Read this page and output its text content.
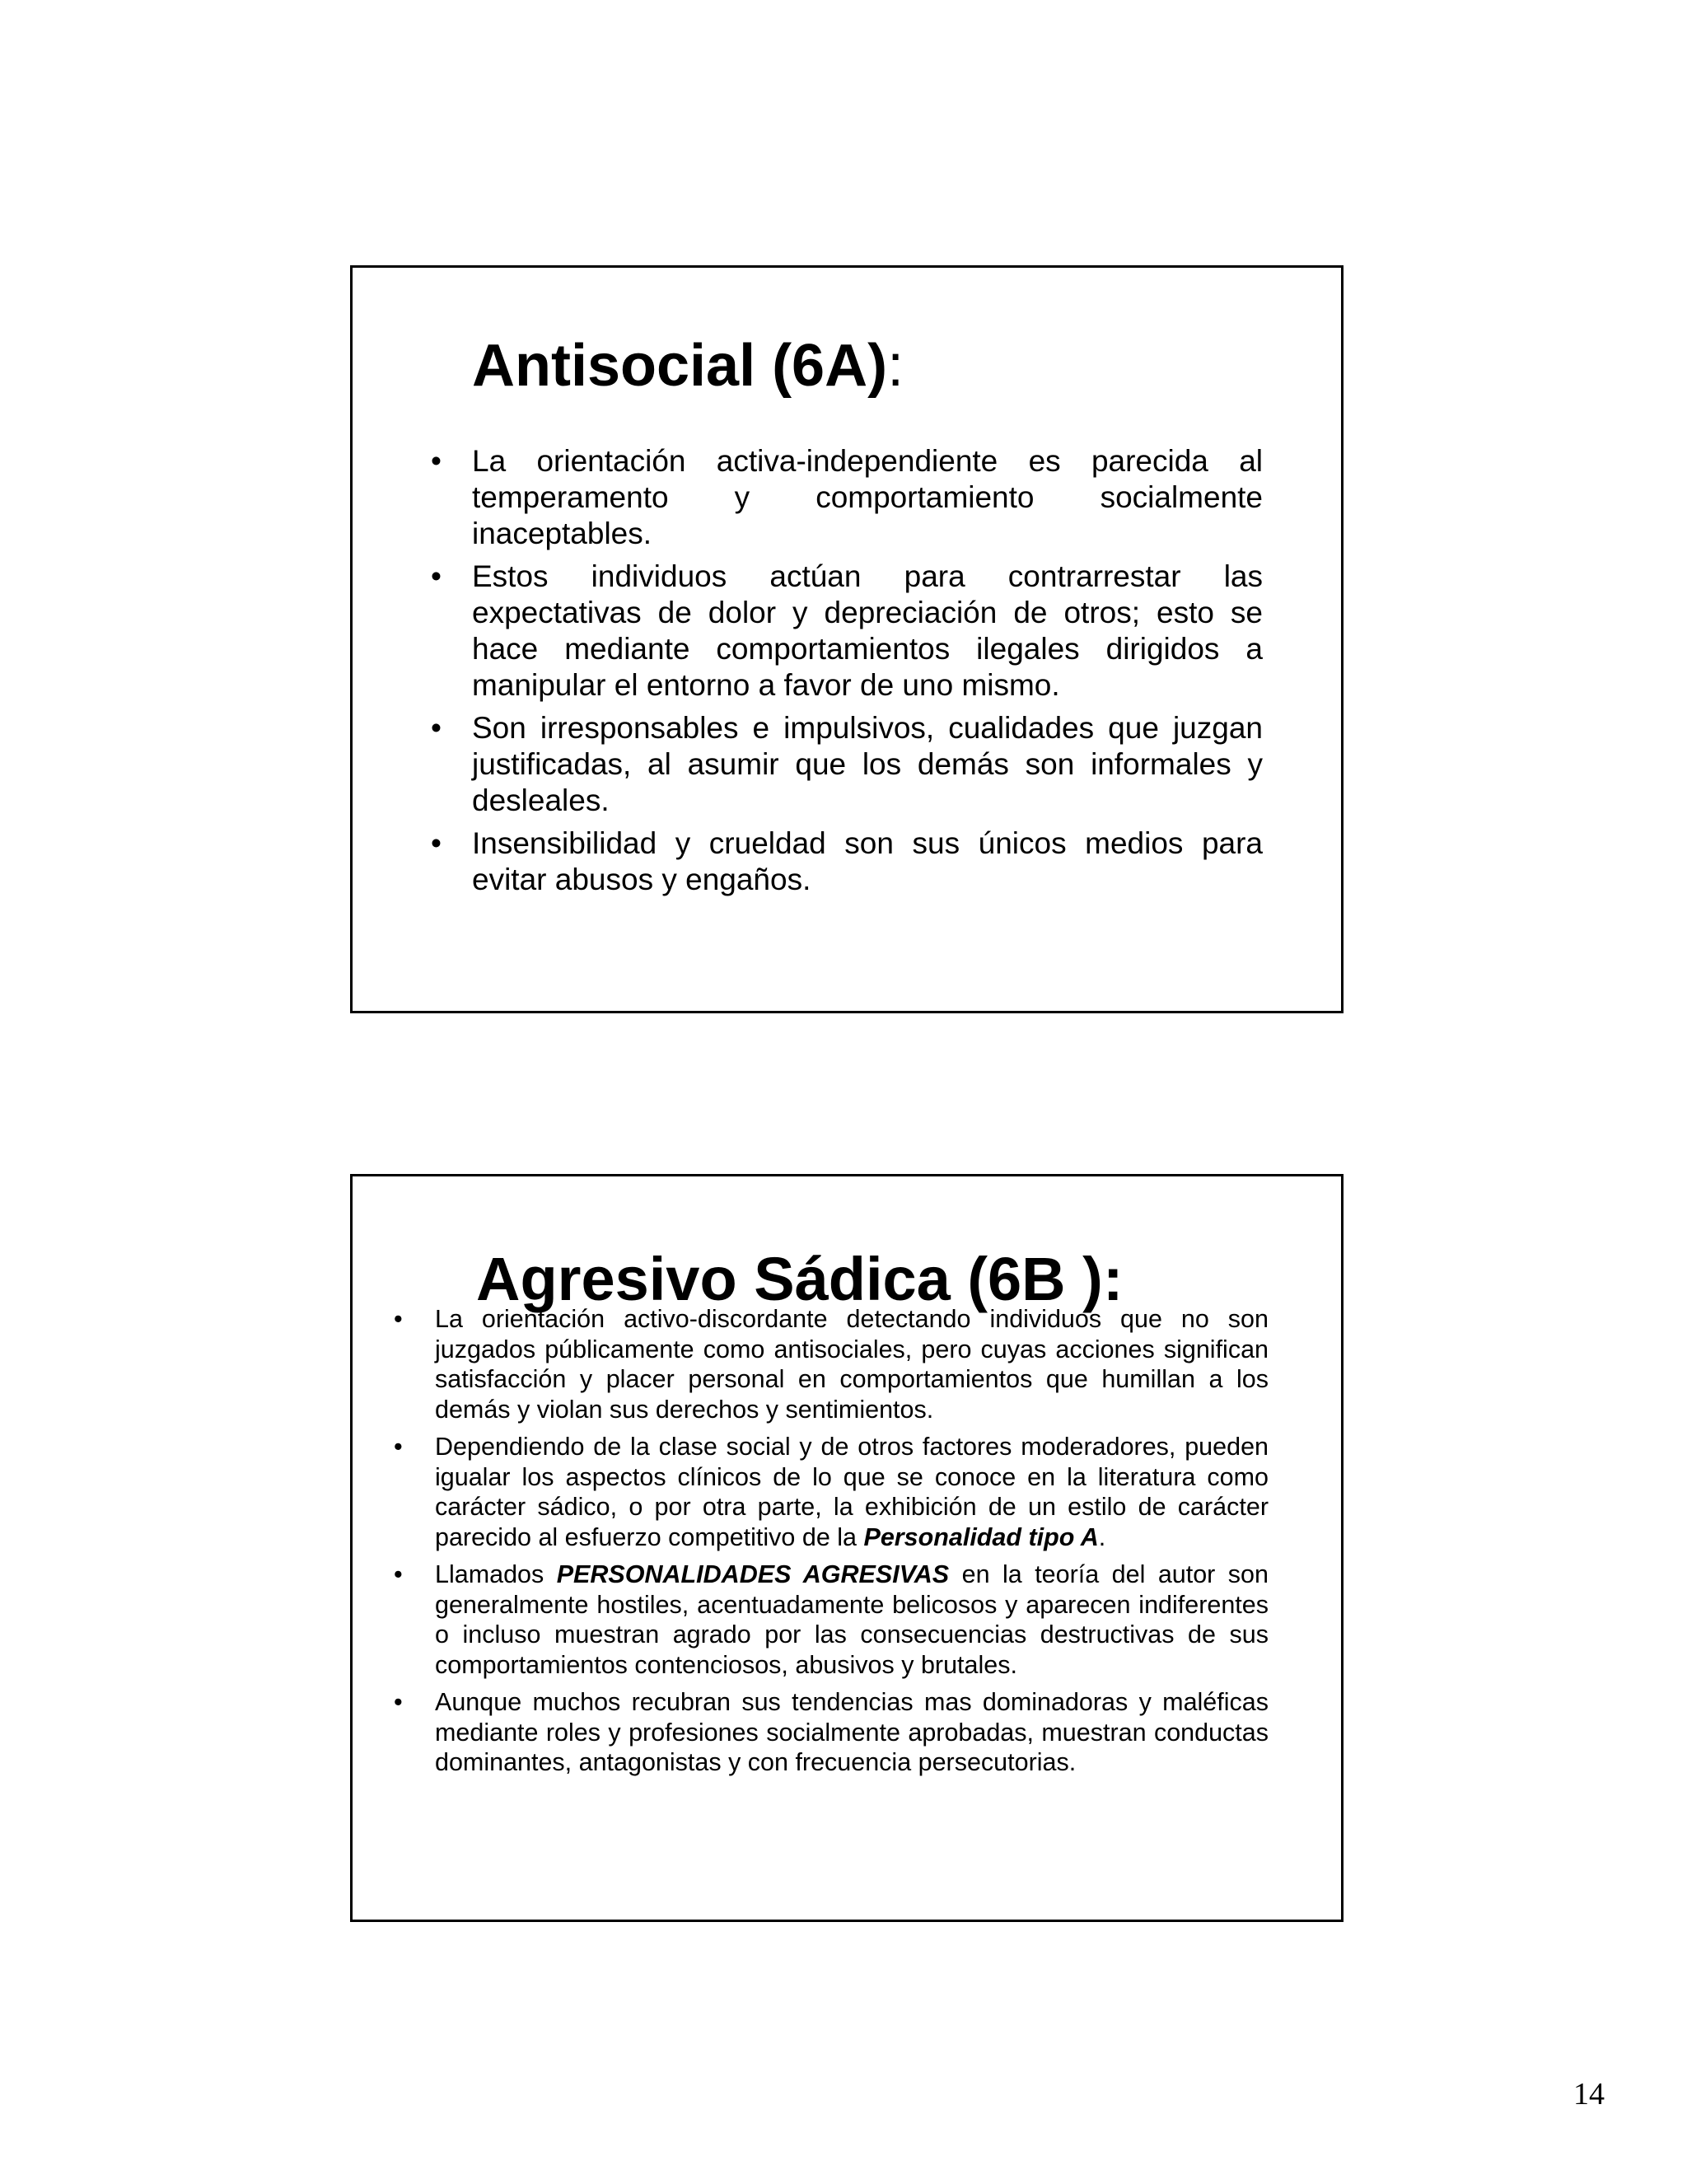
Antisocial (6A):
• La orientación activa-independiente es parecida al temperamento y comportamiento socialmente inaceptables.
• Estos individuos actúan para contrarrestar las expectativas de dolor y depreciación de otros; esto se hace mediante comportamientos ilegales dirigidos a manipular el entorno a favor de uno mismo.
• Son irresponsables e impulsivos, cualidades que juzgan justificadas, al asumir que los demás son informales y desleales.
• Insensibilidad y crueldad son sus únicos medios para evitar abusos y engaños.
Agresivo Sádica (6B ):
• La orientación activo-discordante detectando individuos que no son juzgados públicamente como antisociales, pero cuyas acciones significan satisfacción y placer personal en comportamientos que humillan a los demás y violan sus derechos y sentimientos.
• Dependiendo de la clase social y de otros factores moderadores, pueden igualar los aspectos clínicos de lo que se conoce en la literatura como carácter sádico, o por otra parte, la exhibición de un estilo de carácter parecido al esfuerzo competitivo de la Personalidad tipo A.
• Llamados PERSONALIDADES AGRESIVAS en la teoría del autor son generalmente hostiles, acentuadamente belicosos y aparecen indiferentes o incluso muestran agrado por las consecuencias destructivas de sus comportamientos contenciosos, abusivos y brutales.
• Aunque muchos recubran sus tendencias mas dominadoras y maléficas mediante roles y profesiones socialmente aprobadas, muestran conductas dominantes, antagonistas y con frecuencia persecutorias.
14
